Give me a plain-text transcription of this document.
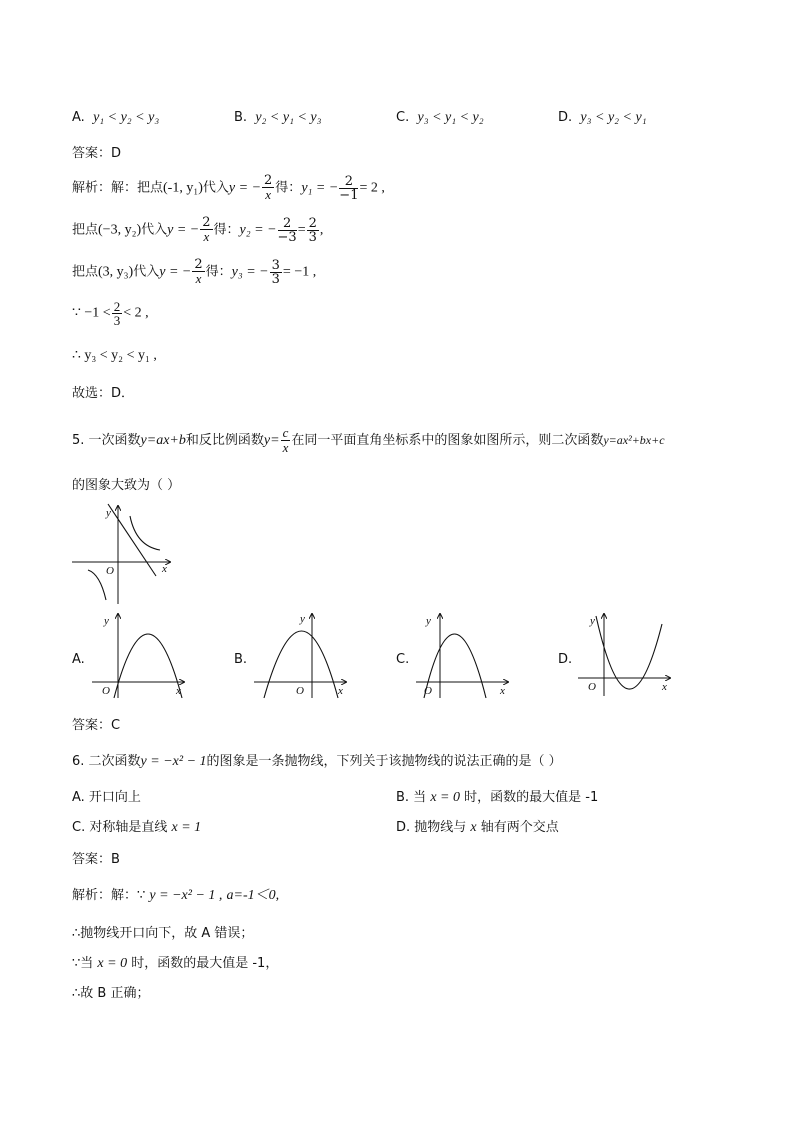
A. y₁ < y₂ < y₃	B. y₂ < y₁ < y₃	C. y₃ < y₁ < y₂	D. y₃ < y₂ < y₁
答案：D
解析：解：把点(-1, y₁)代入y = − $\frac{2}{x}$ 得：y₁ = − $\frac{2}{-1} = 2$ ,
把点(−3, y₂)代入y = − $\frac{2}{x}$ 得：y₂ = − $\frac{2}{-3} = \frac{2}{3}$ ,
把点(3, y₃)代入y = − $\frac{2}{x}$ 得：y₃ = − $\frac{3}{3} = -1$ ,
∵ $-1 < \frac{2}{3} < 2$ ,
∴ y₃ < y₂ < y₁ ,
故选：D．
5. 一次函数y=ax+b和反比例函数$y= \frac{c}{x}$ 在同一平面直角坐标系中的图象如图所示，则二次函数y=ax²+bx+c
的图象大致为（ ）
y
x
O
A.
y
x
O
B.
y
x
O
C.
y
x
O
D.
y
x
O
答案：C
6. 二次函数y = −x² − 1的图象是一条抛物线，下列关于该抛物线的说法正确的是（ ）
A. 开口向上	B. 当 x = 0 时，函数的最大值是 -1
C. 对称轴是直线 x = 1	D. 抛物线与 x 轴有两个交点
答案：B
解析：解：∵ y = −x² − 1 , a=-1＜0,
∴抛物线开口向下，故 A 错误；
∵当 x = 0 时，函数的最大值是 -1，
∴故 B 正确；
